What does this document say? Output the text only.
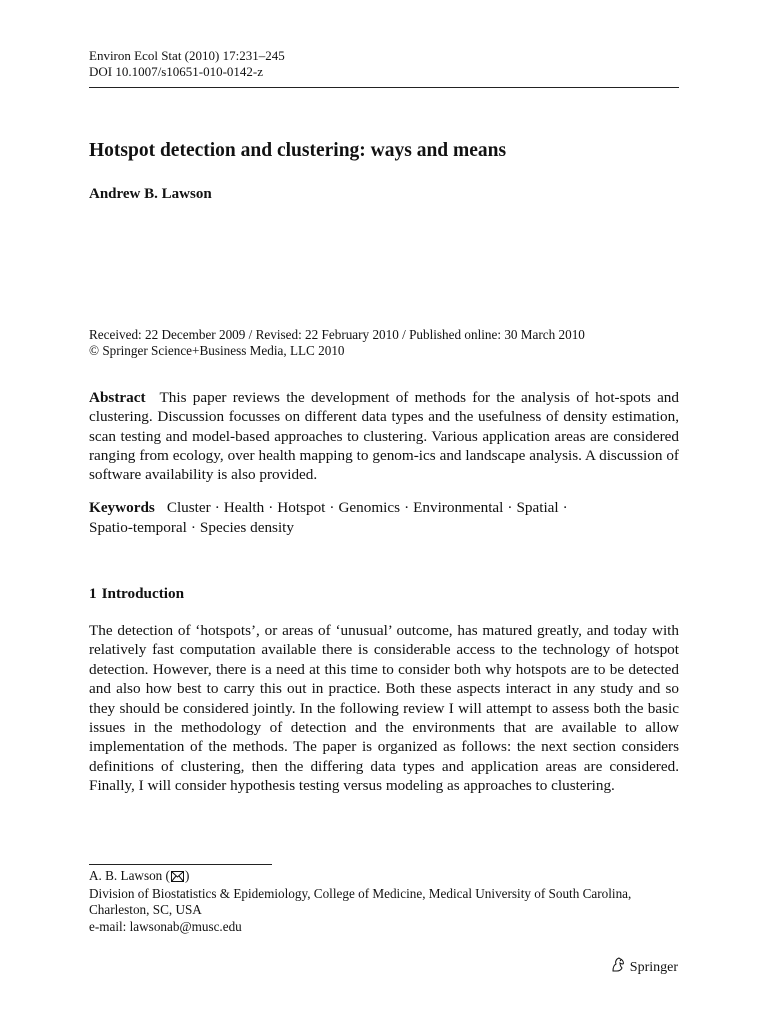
Environ Ecol Stat (2010) 17:231–245
DOI 10.1007/s10651-010-0142-z
Hotspot detection and clustering: ways and means
Andrew B. Lawson
Received: 22 December 2009 / Revised: 22 February 2010 / Published online: 30 March 2010
© Springer Science+Business Media, LLC 2010

Abstract This paper reviews the development of methods for the analysis of hot-spots and clustering. Discussion focusses on different data types and the usefulness of density estimation, scan testing and model-based approaches to clustering. Various application areas are considered ranging from ecology, over health mapping to genom-ics and landscape analysis. A discussion of software availability is also provided.

Keywords Cluster · Health · Hotspot · Genomics · Environmental · Spatial ·
Spatio-temporal · Species density

1 Introduction

The detection of ‘hotspots’, or areas of ‘unusual’ outcome, has matured greatly, and today with relatively fast computation available there is considerable access to the technology of hotspot detection. However, there is a need at this time to consider both why hotspots are to be detected and also how best to carry this out in practice. Both these aspects interact in any study and so they should be considered jointly. In the following review I will attempt to assess both the basic issues in the methodology of detection and the environments that are available to allow implementation of the methods. The paper is organized as follows: the next section considers definitions of clustering, then the differing data types and application areas are considered. Finally, I will consider hypothesis testing versus modeling as approaches to clustering.

A. B. Lawson ( )
Division of Biostatistics & Epidemiology, College of Medicine, Medical University of South Carolina,
Charleston, SC, USA
e-mail: lawsonab@musc.edu
Springer
